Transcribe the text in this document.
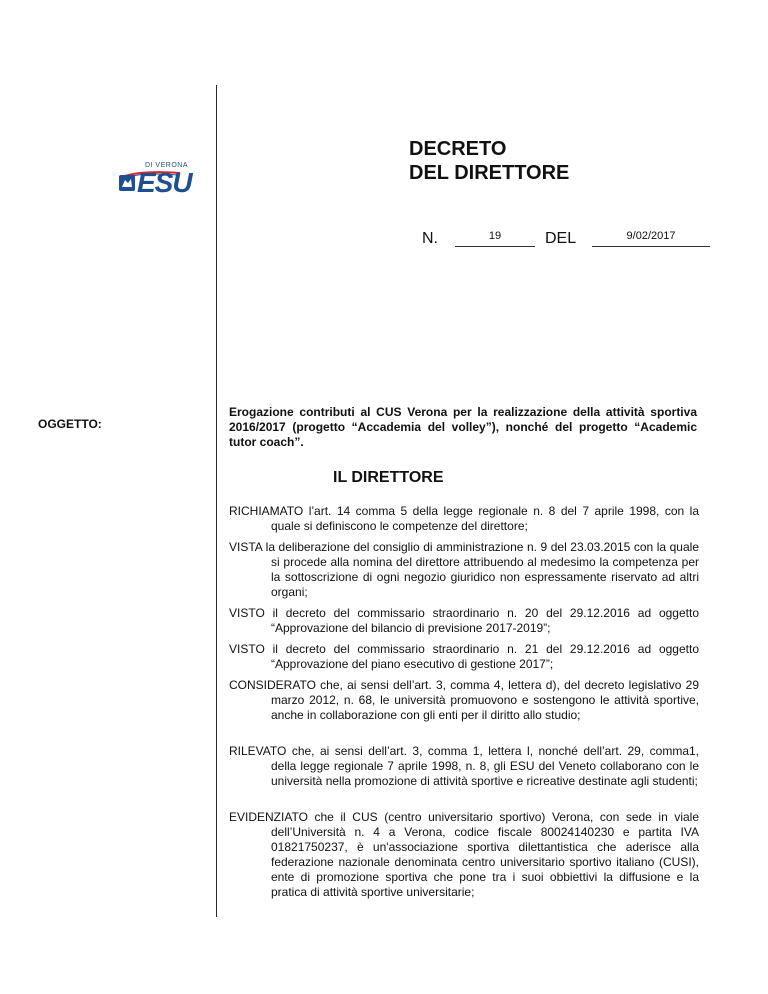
DI VERONA
ESU
DECRETO
DEL DIRETTORE
N.	19	DEL	9/02/2017
OGGETTO:
Erogazione contributi al CUS Verona per la realizzazione della attività sportiva 2016/2017 (progetto “Accademia del volley”), nonché del progetto “Academic tutor coach”.
IL DIRETTORE
RICHIAMATO l’art. 14 comma 5 della legge regionale n. 8 del 7 aprile 1998, con la quale si definiscono le competenze del direttore;
VISTA la deliberazione del consiglio di amministrazione n. 9 del 23.03.2015 con la quale si procede alla nomina del direttore attribuendo al medesimo la competenza per la sottoscrizione di ogni negozio giuridico non espressamente riservato ad altri organi;
VISTO il decreto del commissario straordinario n. 20 del 29.12.2016 ad oggetto “Approvazione del bilancio di previsione 2017-2019”;
VISTO il decreto del commissario straordinario n. 21 del 29.12.2016 ad oggetto “Approvazione del piano esecutivo di gestione 2017”;
CONSIDERATO che, ai sensi dell’art. 3, comma 4, lettera d), del decreto legislativo 29 marzo 2012, n. 68, le università promuovono e sostengono le attività sportive, anche in collaborazione con gli enti per il diritto allo studio;
RILEVATO che, ai sensi dell’art. 3, comma 1, lettera l, nonché dell’art. 29, comma1, della legge regionale 7 aprile 1998, n. 8, gli ESU del Veneto collaborano con le università nella promozione di attività sportive e ricreative destinate agli studenti;
EVIDENZIATO che il CUS (centro universitario sportivo) Verona, con sede in viale dell’Università n. 4 a Verona, codice fiscale 80024140230 e partita IVA 01821750237, è un'associazione sportiva dilettantistica che aderisce alla federazione nazionale denominata centro universitario sportivo italiano (CUSI), ente di promozione sportiva che pone tra i suoi obbiettivi la diffusione e la pratica di attività sportive universitarie;
